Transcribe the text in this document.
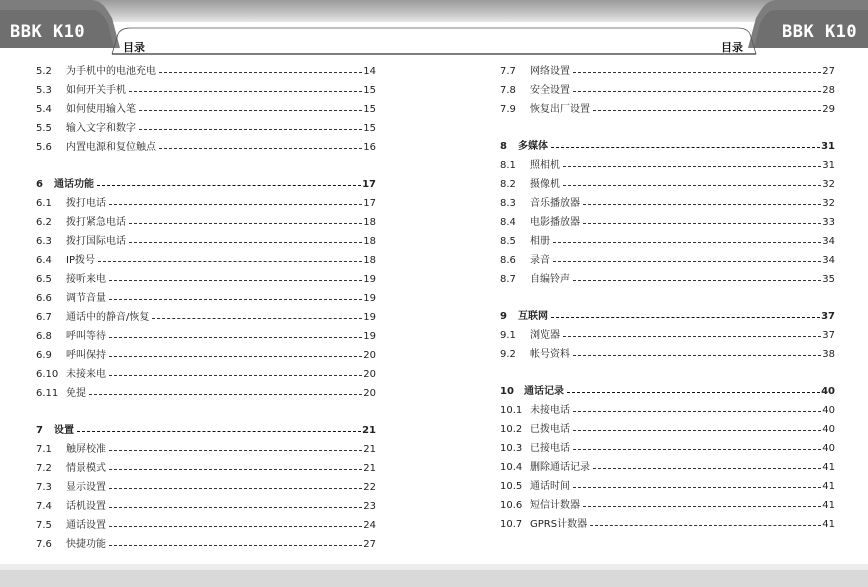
BBK K10	BBK K10
目录	目录
5.2	为手机中的电池充电	14
5.3	如何开关手机	15
5.4	如何使用输入笔	15
5.5	输入文字和数字	15
5.6	内置电源和复位触点	16
6	通话功能	17
6.1	拨打电话	17
6.2	拨打紧急电话	18
6.3	拨打国际电话	18
6.4	IP拨号	18
6.5	接听来电	19
6.6	调节音量	19
6.7	通话中的静音/恢复	19
6.8	呼叫等待	19
6.9	呼叫保持	20
6.10 未接来电	20
6.11 免提	20
7	设置	21
7.1	触屏校准	21
7.2	情景模式	21
7.3	显示设置	22
7.4	话机设置	23
7.5	通话设置	24
7.6	快捷功能	27
7.7	网络设置	27
7.8	安全设置	28
7.9	恢复出厂设置	29
8	多媒体	31
8.1	照相机	31
8.2	摄像机	32
8.3	音乐播放器	32
8.4	电影播放器	33
8.5	相册	34
8.6	录音	34
8.7	自编铃声	35
9	互联网	37
9.1	浏览器	37
9.2	帐号资料	38
10	通话记录	40
10.1 未接电话	40
10.2 已拨电话	40
10.3 已接电话	40
10.4 删除通话记录	41
10.5 通话时间	41
10.6 短信计数器	41
10.7 GPRS计数器	41
